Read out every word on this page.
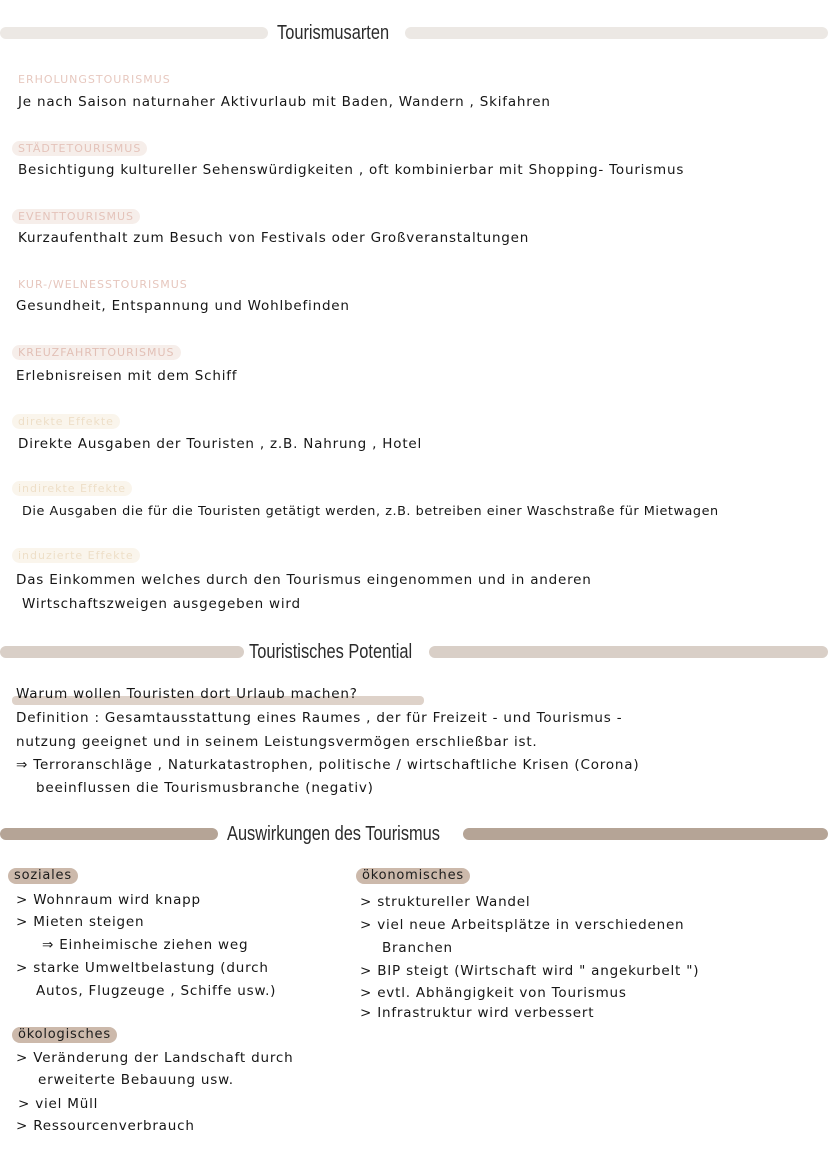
Tourismusarten
ERHOLUNGSTOURISMUS
Je nach Saison naturnaher Aktivurlaub mit Baden, Wandern , Skifahren
STÄDTETOURISMUS
Besichtigung kultureller Sehenswürdigkeiten , oft kombinierbar mit Shopping- Tourismus
EVENTTOURISMUS
Kurzaufenthalt zum Besuch von Festivals oder Großveranstaltungen
KUR-/WELNESSTOURISMUS
Gesundheit, Entspannung und Wohlbefinden
KREUZFAHRTTOURISMUS
Erlebnisreisen mit dem Schiff
direkte Effekte
Direkte Ausgaben der Touristen , z.B. Nahrung , Hotel
indirekte Effekte
Die Ausgaben die für die Touristen getätigt werden, z.B. betreiben einer Waschstraße für Mietwagen
induzierte Effekte
Das Einkommen welches durch den Tourismus eingenommen und in anderen
Wirtschaftszweigen ausgegeben wird
Touristisches Potential
Warum wollen Touristen dort Urlaub machen?
Definition : Gesamtausstattung eines Raumes , der für Freizeit - und Tourismus -
nutzung geeignet und in seinem Leistungsvermögen erschließbar ist.
⇒ Terroranschläge , Naturkatastrophen, politische / wirtschaftliche Krisen (Corona)
beeinflussen die Tourismusbranche (negativ)
Auswirkungen des Tourismus
soziales
> Wohnraum wird knapp
> Mieten steigen
⇒ Einheimische ziehen weg
> starke Umweltbelastung (durch
Autos, Flugzeuge , Schiffe usw.)
ökologisches
> Veränderung der Landschaft durch
erweiterte Bebauung usw.
> viel Müll
> Ressourcenverbrauch
ökonomisches
> struktureller Wandel
> viel neue Arbeitsplätze in verschiedenen
Branchen
> BIP steigt (Wirtschaft wird " angekurbelt ")
> evtl. Abhängigkeit von Tourismus
> Infrastruktur wird verbessert
